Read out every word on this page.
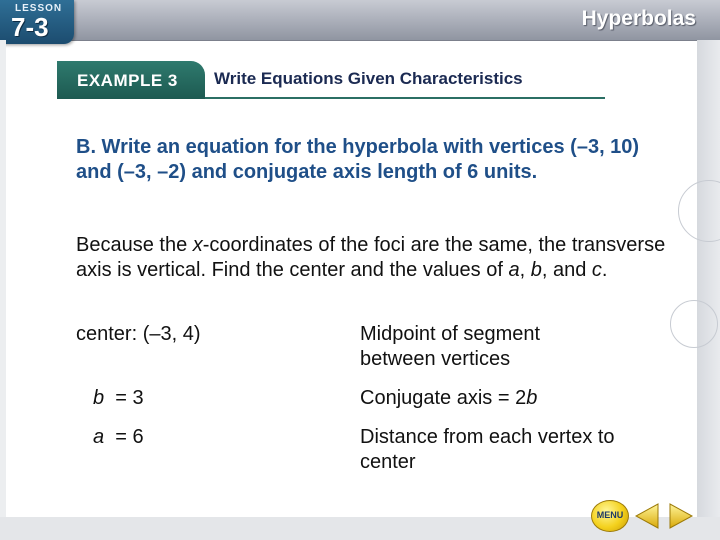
LESSON
7-3	Hyperbolas
EXAMPLE 3 Write Equations Given Characteristics
B. Write an equation for the hyperbola with vertices (–3, 10) and (–3, –2) and conjugate axis length of 6 units.
Because the x-coordinates of the foci are the same, the transverse axis is vertical. Find the center and the values of a, b, and c.
center: (–3, 4)	Midpoint of segment between vertices
b = 3	Conjugate axis = 2b
a = 6	Distance from each vertex to center
MENU
